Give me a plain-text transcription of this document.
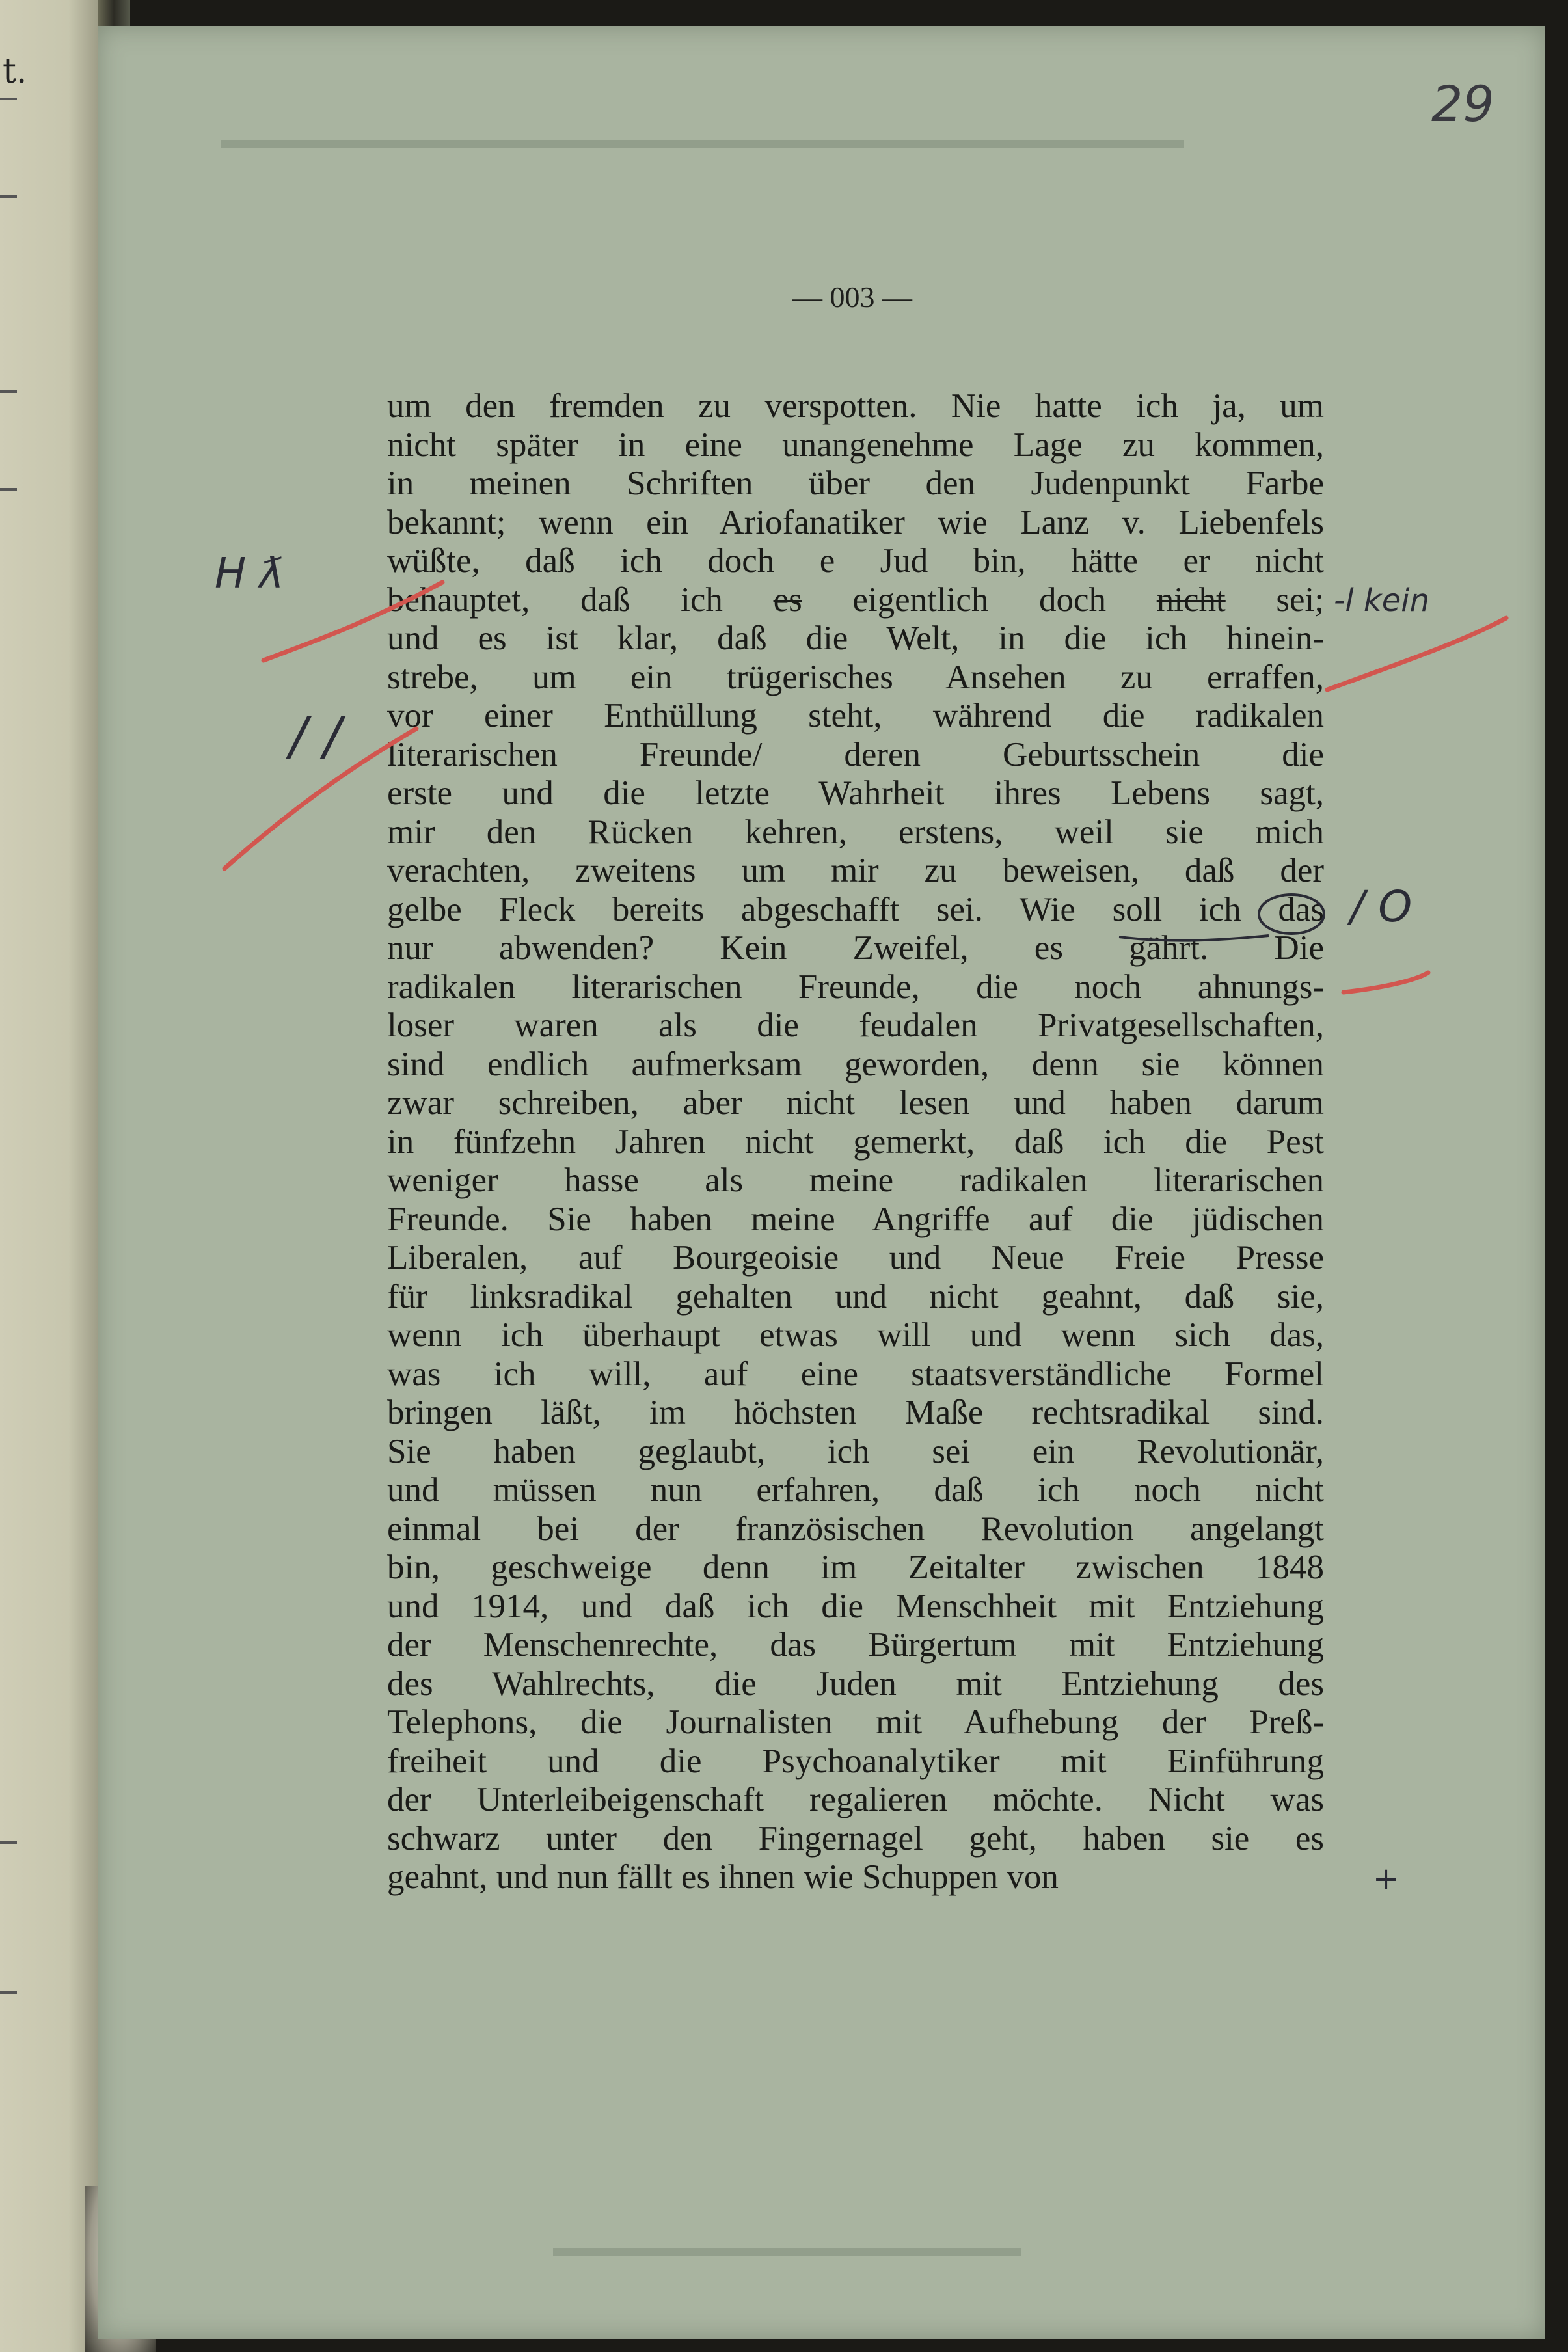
t.
▬▬▬▬▬▬▬▬▬▬▬▬▬▬▬▬▬▬▬▬▬▬▬▬▬▬▬▬▬▬▬▬▬▬▬▬▬
▬▬▬▬▬▬▬▬▬▬▬▬▬▬▬▬▬▬
29
— 003 —
um den fremden zu verspotten. Nie hatte ich ja, um
nicht später in eine unangenehme Lage zu kommen,
in meinen Schriften über den Judenpunkt Farbe
bekannt; wenn ein Ariofanatiker wie Lanz v. Liebenfels
wüßte, daß ich doch e Jud bin, hätte er nicht
behauptet, daß ich es eigentlich doch nicht sei;
und es ist klar, daß die Welt, in die ich hinein-
strebe, um ein trügerisches Ansehen zu erraffen,
vor einer Enthüllung steht, während die radikalen
literarischen Freunde/ deren Geburtsschein die
erste und die letzte Wahrheit ihres Lebens sagt,
mir den Rücken kehren, erstens, weil sie mich
verachten, zweitens um mir zu beweisen, daß der
gelbe Fleck bereits abgeschafft sei. Wie soll ich das
nur abwenden? Kein Zweifel, es gährt. Die
radikalen literarischen Freunde, die noch ahnungs-
loser waren als die feudalen Privatgesellschaften,
sind endlich aufmerksam geworden, denn sie können
zwar schreiben, aber nicht lesen und haben darum
in fünfzehn Jahren nicht gemerkt, daß ich die Pest
weniger hasse als meine radikalen literarischen
Freunde. Sie haben meine Angriffe auf die jüdischen
Liberalen, auf Bourgeoisie und Neue Freie Presse
für linksradikal gehalten und nicht geahnt, daß sie,
wenn ich überhaupt etwas will und wenn sich das,
was ich will, auf eine staatsverständliche Formel
bringen läßt, im höchsten Maße rechtsradikal sind.
Sie haben geglaubt, ich sei ein Revolutionär,
und müssen nun erfahren, daß ich noch nicht
einmal bei der französischen Revolution angelangt
bin, geschweige denn im Zeitalter zwischen 1848
und 1914, und daß ich die Menschheit mit Entziehung
der Menschenrechte, das Bürgertum mit Entziehung
des Wahlrechts, die Juden mit Entziehung des
Telephons, die Journalisten mit Aufhebung der Preß-
freiheit und die Psychoanalytiker mit Einführung
der Unterleibeigenschaft regalieren möchte. Nicht was
schwarz unter den Fingernagel geht, haben sie es
geahnt, und nun fällt es ihnen wie Schuppen von
H ƛ
/ /
-l kein
/ O
+
